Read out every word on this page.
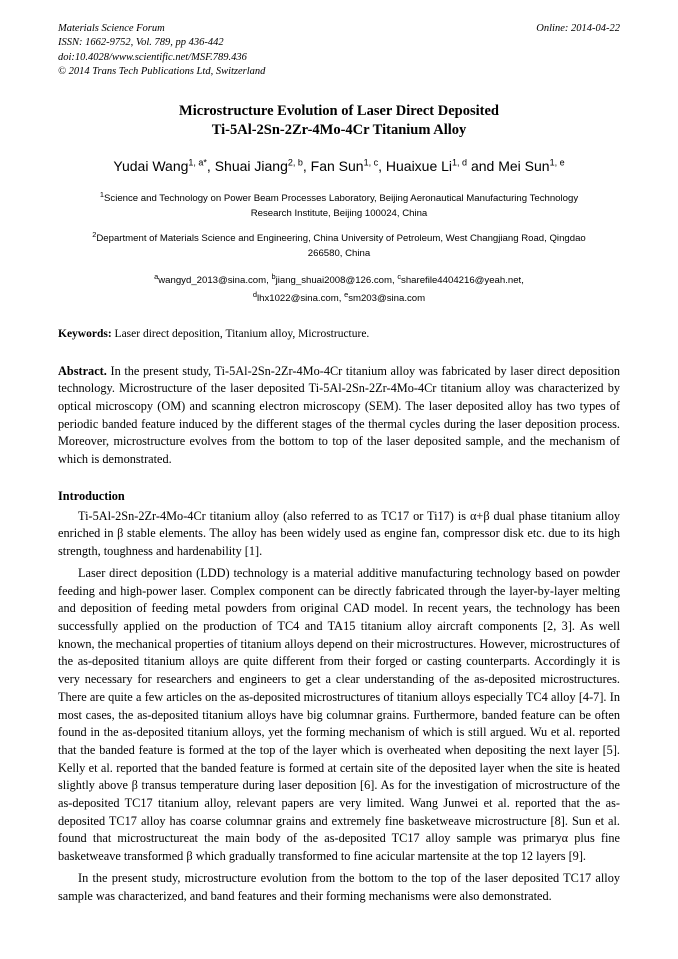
Materials Science Forum
ISSN: 1662-9752, Vol. 789, pp 436-442
doi:10.4028/www.scientific.net/MSF.789.436
© 2014 Trans Tech Publications Ltd, Switzerland
Online: 2014-04-22
Microstructure Evolution of Laser Direct Deposited
Ti-5Al-2Sn-2Zr-4Mo-4Cr Titanium Alloy
Yudai Wang$^{1, a*}$, Shuai Jiang$^{2, b}$, Fan Sun$^{1, c}$, Huaixue Li$^{1, d}$ and Mei Sun$^{1, e}$

$^1$Science and Technology on Power Beam Processes Laboratory, Beijing Aeronautical Manufacturing Technology Research Institute, Beijing 100024, China

$^2$Department of Materials Science and Engineering, China University of Petroleum, West Changjiang Road, Qingdao 266580, China

$^a$wangyd_2013@sina.com, $^b$jiang_shuai2008@126.com, $^c$sharefile4404216@yeah.net,
$^d$lhx1022@sina.com, $^e$sm203@sina.com
Keywords: Laser direct deposition, Titanium alloy, Microstructure.
Abstract. In the present study, Ti-5Al-2Sn-2Zr-4Mo-4Cr titanium alloy was fabricated by laser direct deposition technology. Microstructure of the laser deposited Ti-5Al-2Sn-2Zr-4Mo-4Cr titanium alloy was characterized by optical microscopy (OM) and scanning electron microscopy (SEM). The laser deposited alloy has two types of periodic banded feature induced by the different stages of the thermal cycles during the laser deposition process. Moreover, microstructure evolves from the bottom to top of the laser deposited sample, and the mechanism of which is demonstrated.
Introduction
Ti-5Al-2Sn-2Zr-4Mo-4Cr titanium alloy (also referred to as TC17 or Ti17) is α+β dual phase titanium alloy enriched in β stable elements. The alloy has been widely used as engine fan, compressor disk etc. due to its high strength, toughness and hardenability [1].
Laser direct deposition (LDD) technology is a material additive manufacturing technology based on powder feeding and high-power laser. Complex component can be directly fabricated through the layer-by-layer melting and deposition of feeding metal powders from original CAD model. In recent years, the technology has been successfully applied on the production of TC4 and TA15 titanium alloy aircraft components [2, 3]. As well known, the mechanical properties of titanium alloys depend on their microstructures. However, microstructures of the as-deposited titanium alloys are quite different from their forged or casting counterparts. Accordingly it is very necessary for researchers and engineers to get a clear understanding of the as-deposited microstructures. There are quite a few articles on the as-deposited microstructures of titanium alloys especially TC4 alloy [4-7]. In most cases, the as-deposited titanium alloys have big columnar grains. Furthermore, banded feature can be often found in the as-deposited titanium alloys, yet the forming mechanism of which is still argued. Wu et al. reported that the banded feature is formed at the top of the layer which is overheated when depositing the next layer [5]. Kelly et al. reported that the banded feature is formed at certain site of the deposited layer when the site is heated slightly above β transus temperature during laser deposition [6]. As for the investigation of microstructure of the as-deposited TC17 titanium alloy, relevant papers are very limited. Wang Junwei et al. reported that the as-deposited TC17 alloy has coarse columnar grains and extremely fine basketweave microstructure [8]. Sun et al. found that microstructureat the main body of the as-deposited TC17 alloy sample was primaryα plus fine basketweave transformed β which gradually transformed to fine acicular martensite at the top 12 layers [9].
In the present study, microstructure evolution from the bottom to the top of the laser deposited TC17 alloy sample was characterized, and band features and their forming mechanisms were also demonstrated.
